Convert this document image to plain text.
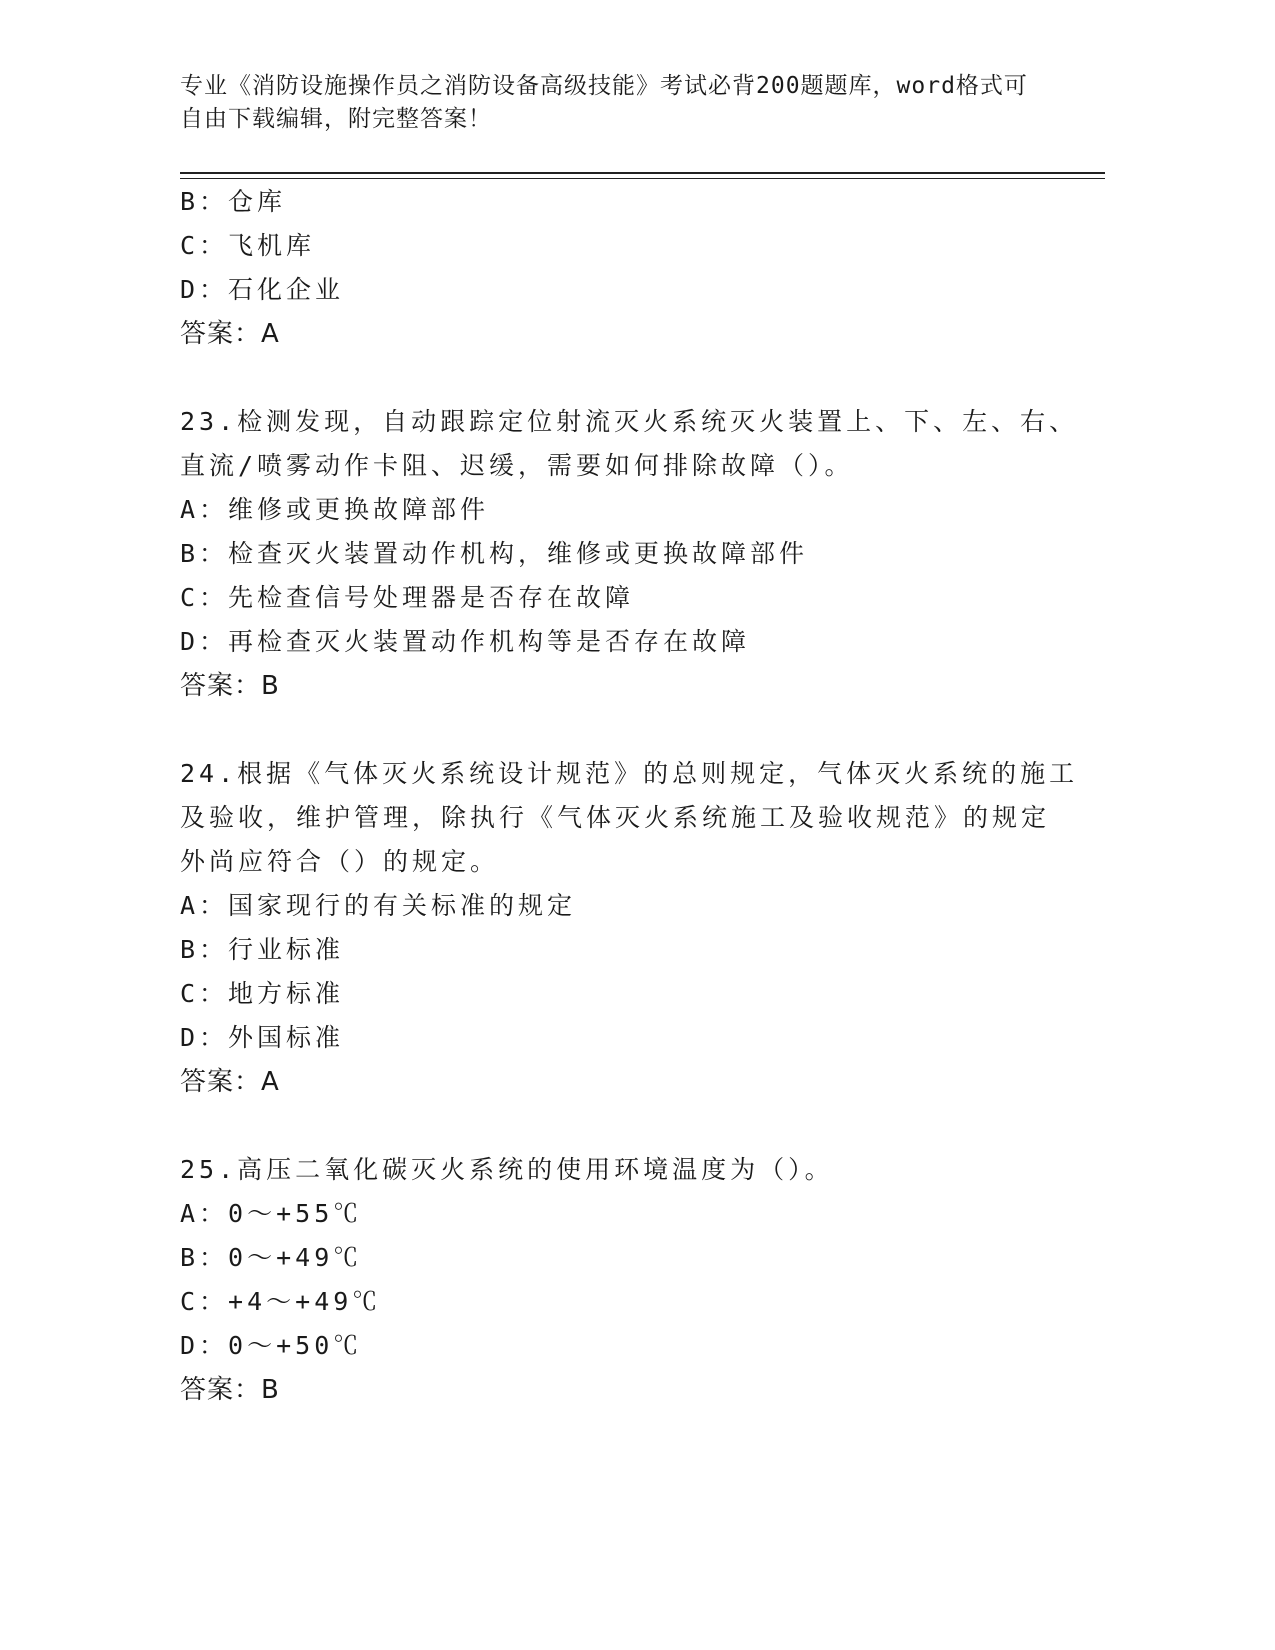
专业《消防设施操作员之消防设备高级技能》考试必背200题题库，word格式可
自由下载编辑，附完整答案！
B：仓库
C：飞机库
D：石化企业
答案：A
23.检测发现，自动跟踪定位射流灭火系统灭火装置上、下、左、右、
直流/喷雾动作卡阻、迟缓，需要如何排除故障（）。
A：维修或更换故障部件
B：检查灭火装置动作机构，维修或更换故障部件
C：先检查信号处理器是否存在故障
D：再检查灭火装置动作机构等是否存在故障
答案：B
24.根据《气体灭火系统设计规范》的总则规定，气体灭火系统的施工
及验收，维护管理，除执行《气体灭火系统施工及验收规范》的规定
外尚应符合（）的规定。
A：国家现行的有关标准的规定
B：行业标准
C：地方标准
D：外国标准
答案：A
25.高压二氧化碳灭火系统的使用环境温度为（）。
A：0～+55℃
B：0～+49℃
C：+4～+49℃
D：0～+50℃
答案：B
